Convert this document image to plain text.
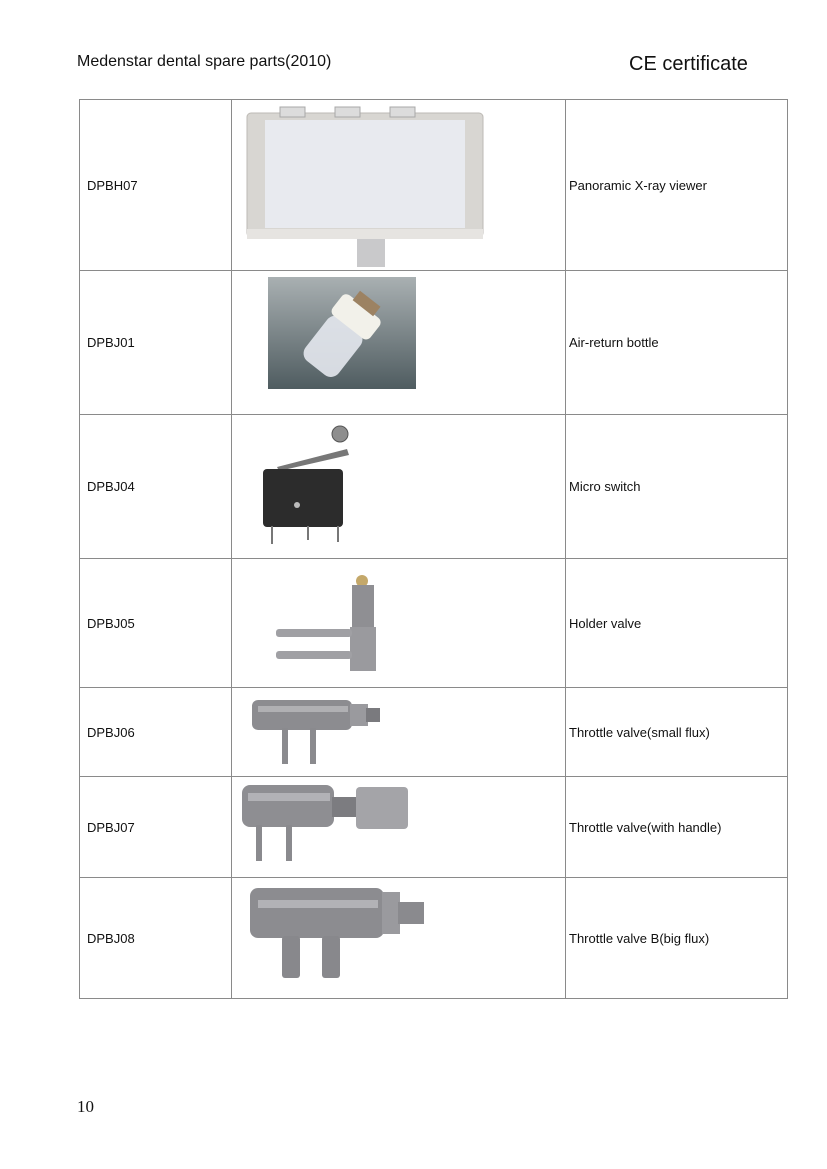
Medenstar dental spare parts(2010)	CE certificate
DPBH07		Panoramic X-ray viewer
DPBJ01		Air-return bottle
DPBJ04		Micro switch
DPBJ05		Holder valve
DPBJ06		Throttle valve(small flux)
DPBJ07		Throttle valve(with handle)
DPBJ08		Throttle valve B(big flux)
10
